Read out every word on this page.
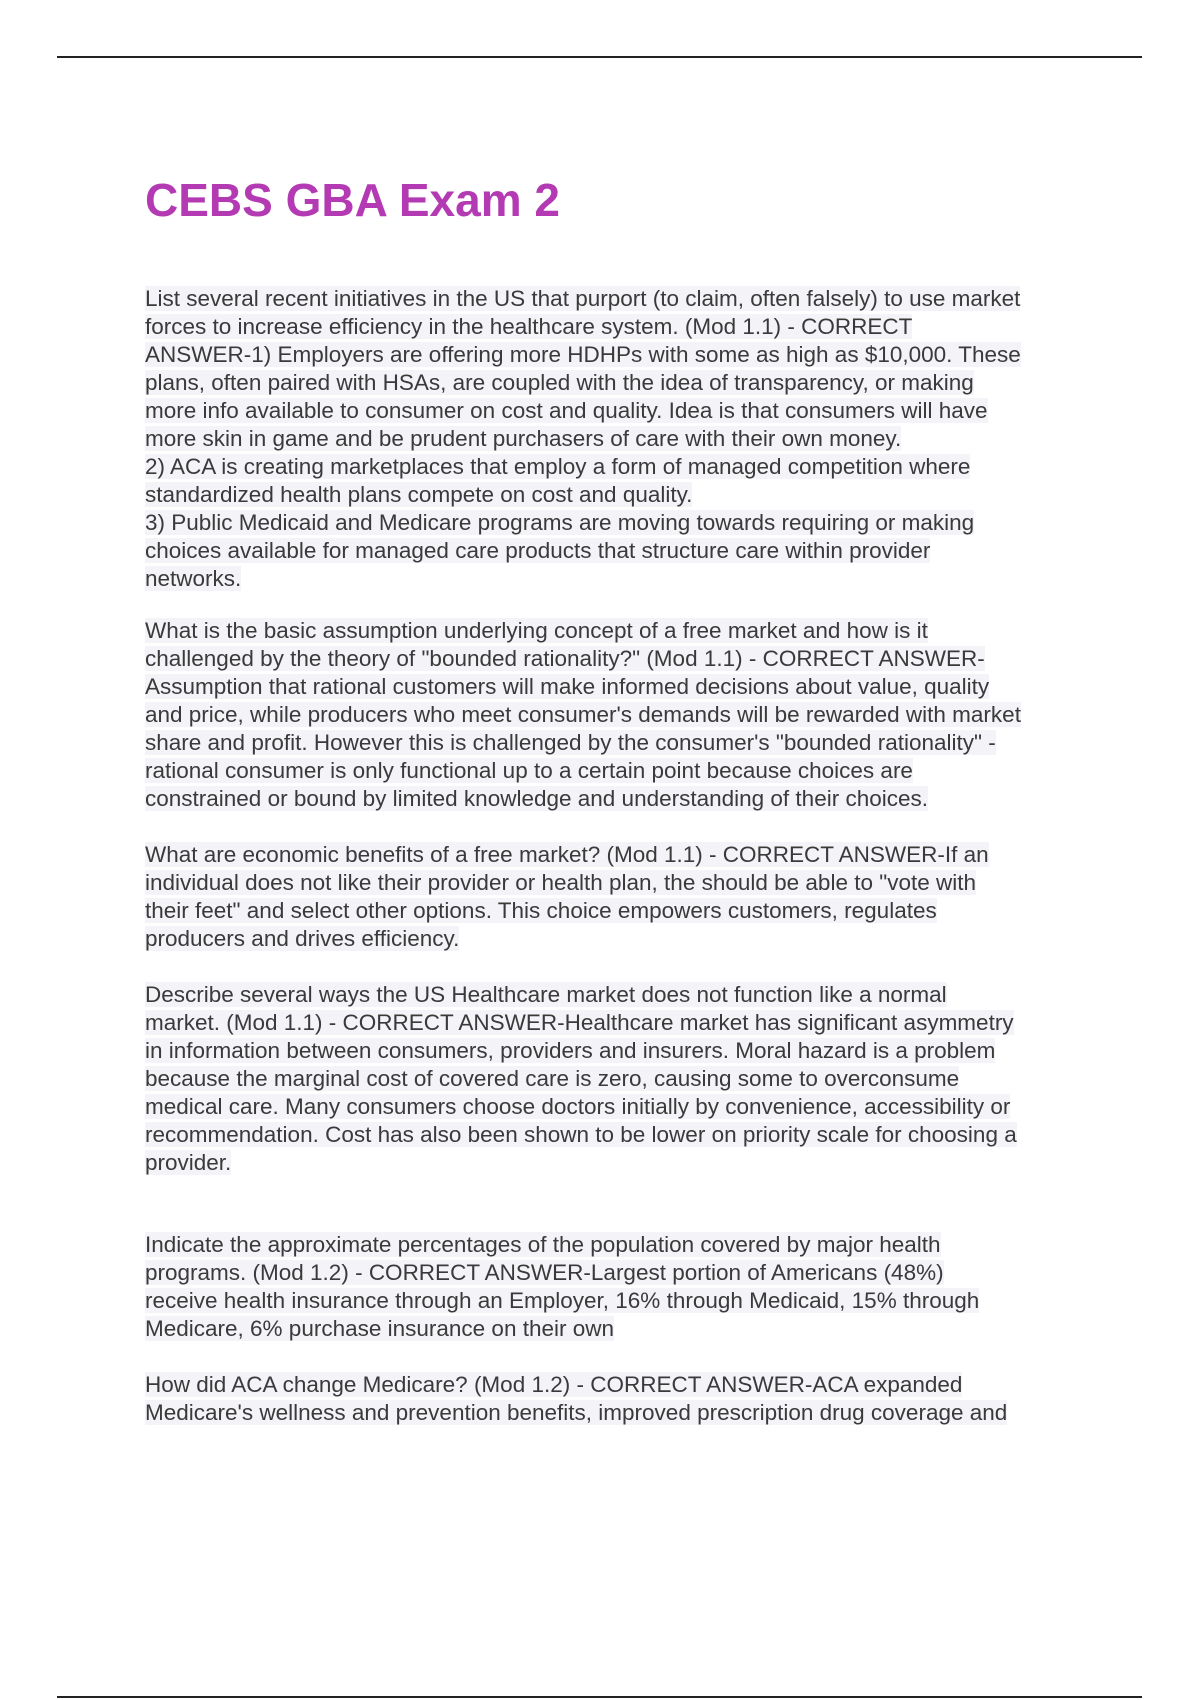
CEBS GBA Exam 2
List several recent initiatives in the US that purport (to claim, often falsely) to use market
forces to increase efficiency in the healthcare system. (Mod 1.1) - CORRECT
ANSWER-1) Employers are offering more HDHPs with some as high as $10,000. These
plans, often paired with HSAs, are coupled with the idea of transparency, or making
more info available to consumer on cost and quality. Idea is that consumers will have
more skin in game and be prudent purchasers of care with their own money.
2) ACA is creating marketplaces that employ a form of managed competition where
standardized health plans compete on cost and quality.
3) Public Medicaid and Medicare programs are moving towards requiring or making
choices available for managed care products that structure care within provider
networks.
What is the basic assumption underlying concept of a free market and how is it
challenged by the theory of "bounded rationality?" (Mod 1.1) - CORRECT ANSWER-
Assumption that rational customers will make informed decisions about value, quality
and price, while producers who meet consumer's demands will be rewarded with market
share and profit. However this is challenged by the consumer's "bounded rationality" -
rational consumer is only functional up to a certain point because choices are
constrained or bound by limited knowledge and understanding of their choices.
What are economic benefits of a free market? (Mod 1.1) - CORRECT ANSWER-If an
individual does not like their provider or health plan, the should be able to "vote with
their feet" and select other options. This choice empowers customers, regulates
producers and drives efficiency.
Describe several ways the US Healthcare market does not function like a normal
market. (Mod 1.1) - CORRECT ANSWER-Healthcare market has significant asymmetry
in information between consumers, providers and insurers. Moral hazard is a problem
because the marginal cost of covered care is zero, causing some to overconsume
medical care. Many consumers choose doctors initially by convenience, accessibility or
recommendation. Cost has also been shown to be lower on priority scale for choosing a
provider.
Indicate the approximate percentages of the population covered by major health
programs. (Mod 1.2) - CORRECT ANSWER-Largest portion of Americans (48%)
receive health insurance through an Employer, 16% through Medicaid, 15% through
Medicare, 6% purchase insurance on their own
How did ACA change Medicare? (Mod 1.2) - CORRECT ANSWER-ACA expanded
Medicare's wellness and prevention benefits, improved prescription drug coverage and
